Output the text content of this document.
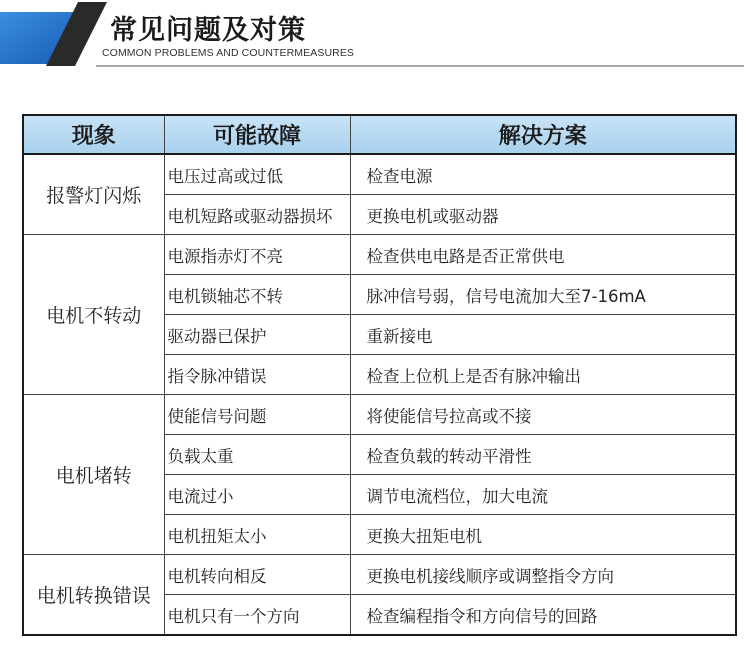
常见问题及对策
COMMON PROBLEMS AND COUNTERMEASURES
现象	可能故障	解决方案
报警灯闪烁	电压过高或过低	检查电源
	电机短路或驱动器损坏	更换电机或驱动器
电机不转动	电源指赤灯不亮	检查供电电路是否正常供电
	电机锁轴芯不转	脉冲信号弱，信号电流加大至7-16mA
	驱动器已保护	重新接电
	指令脉冲错误	检查上位机上是否有脉冲输出
电机堵转	使能信号问题	将使能信号拉高或不接
	负载太重	检查负载的转动平滑性
	电流过小	调节电流档位，加大电流
	电机扭矩太小	更换大扭矩电机
电机转换错误	电机转向相反	更换电机接线顺序或调整指令方向
	电机只有一个方向	检查编程指令和方向信号的回路
